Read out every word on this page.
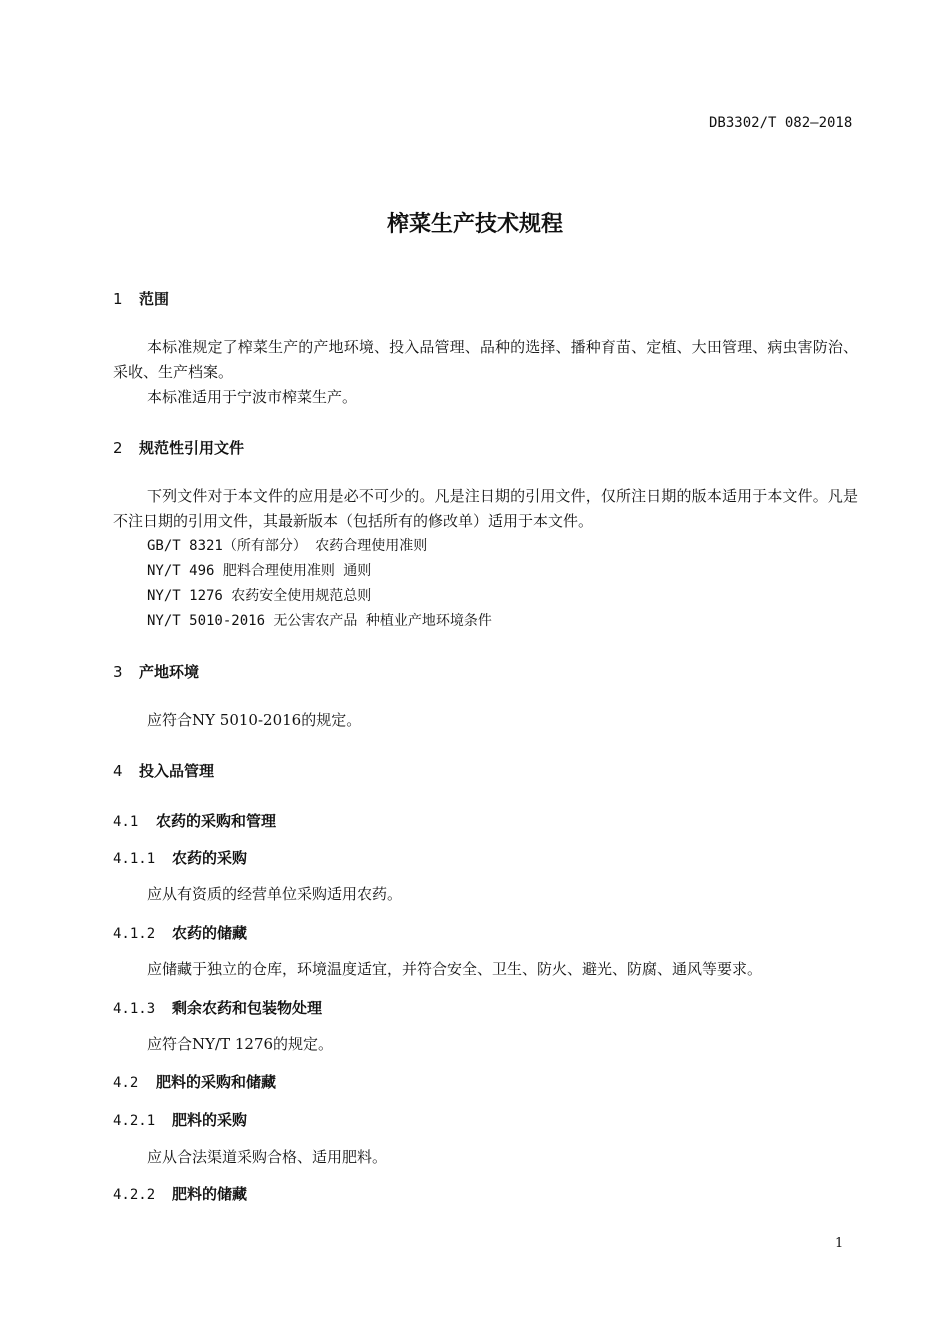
DB3302/T 082—2018
榨菜生产技术规程
1 范围
本标准规定了榨菜生产的产地环境、投入品管理、品种的选择、播种育苗、定植、大田管理、病虫害防治、采收、生产档案。
本标准适用于宁波市榨菜生产。
2 规范性引用文件
下列文件对于本文件的应用是必不可少的。凡是注日期的引用文件，仅所注日期的版本适用于本文件。凡是不注日期的引用文件，其最新版本（包括所有的修改单）适用于本文件。
GB/T 8321（所有部分） 农药合理使用准则
NY/T 496 肥料合理使用准则 通则
NY/T 1276 农药安全使用规范总则
NY/T 5010-2016 无公害农产品 种植业产地环境条件
3 产地环境
应符合NY 5010-2016的规定。
4 投入品管理
4.1 农药的采购和管理
4.1.1 农药的采购
应从有资质的经营单位采购适用农药。
4.1.2 农药的储藏
应储藏于独立的仓库，环境温度适宜，并符合安全、卫生、防火、避光、防腐、通风等要求。
4.1.3 剩余农药和包装物处理
应符合NY/T 1276的规定。
4.2 肥料的采购和储藏
4.2.1 肥料的采购
应从合法渠道采购合格、适用肥料。
4.2.2 肥料的储藏
1
